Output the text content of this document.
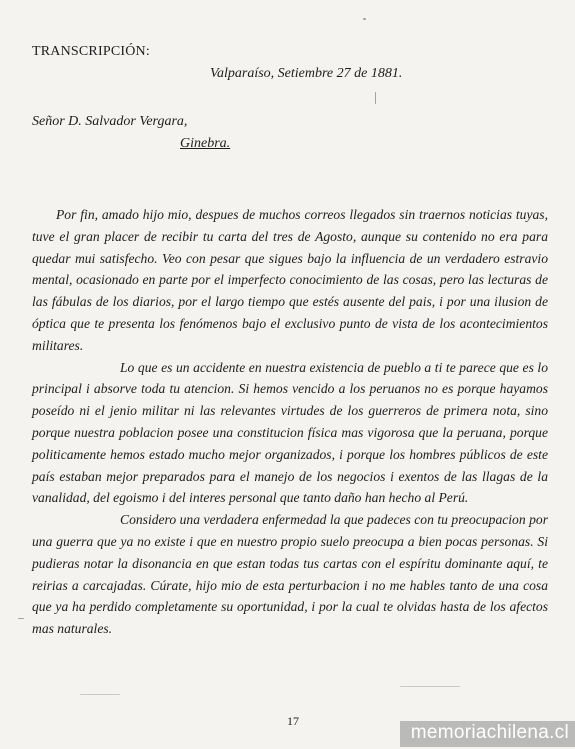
TRANSCRIPCIÓN:
Valparaíso, Setiembre 27 de 1881.
Señor D. Salvador Vergara,
Ginebra.

Por fin, amado hijo mio, despues de muchos correos llegados sin traernos noticias tuyas, tuve el gran placer de recibir tu carta del tres de Agosto, aunque su contenido no era para quedar mui satisfecho. Veo con pesar que sigues bajo la influencia de un verdadero estravio mental, ocasionado en parte por el imperfecto conocimiento de las cosas, pero las lecturas de las fábulas de los diarios, por el largo tiempo que estés ausente del pais, i por una ilusion de óptica que te presenta los fenómenos bajo el exclusivo punto de vista de los acontecimientos militares.

Lo que es un accidente en nuestra existencia de pueblo a ti te parece que es lo principal i absorve toda tu atencion. Si hemos vencido a los peruanos no es porque hayamos poseído ni el jenio militar ni las relevantes virtudes de los guerreros de primera nota, sino porque nuestra poblacion posee una constitucion física mas vigorosa que la peruana, porque politicamente hemos estado mucho mejor organizados, i porque los hombres públicos de este país estaban mejor preparados para el manejo de los negocios i exentos de las llagas de la vanalidad, del egoismo i del interes personal que tanto daño han hecho al Perú.

Considero una verdadera enfermedad la que padeces con tu preocupacion por una guerra que ya no existe i que en nuestro propio suelo preocupa a bien pocas personas. Si pudieras notar la disonancia en que estan todas tus cartas con el espíritu dominante aquí, te reirias a carcajadas. Cúrate, hijo mio de esta perturbacion i no me hables tanto de una cosa que ya ha perdido completamente su oportunidad, i por la cual te olvidas hasta de los afectos mas naturales.

17
memoriachilena.cl
